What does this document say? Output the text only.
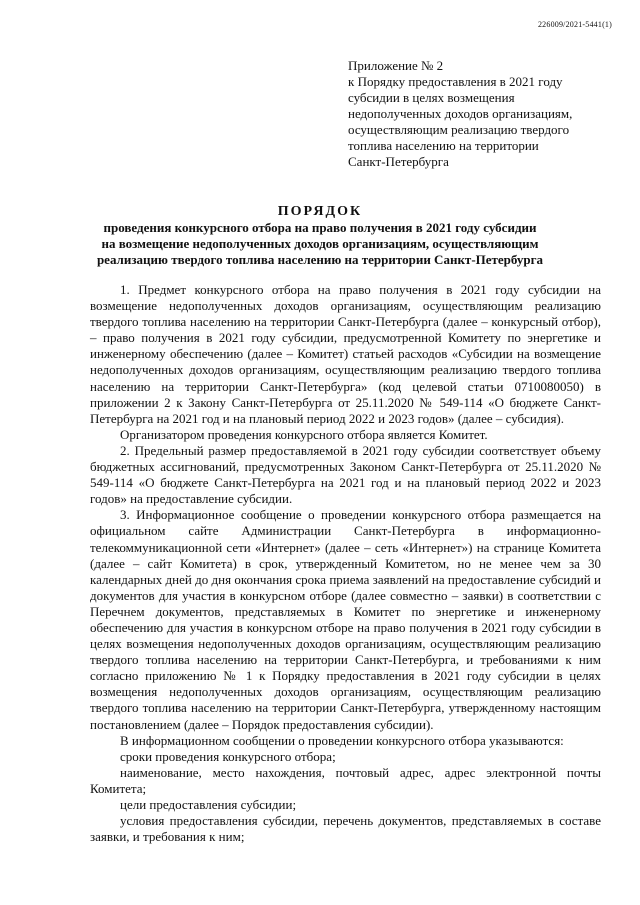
226009/2021-5441(1)
Приложение № 2
к Порядку предоставления в 2021 году
субсидии в целях возмещения
недополученных доходов организациям,
осуществляющим реализацию твердого
топлива населению на территории
Санкт-Петербурга
ПОРЯДОК
проведения конкурсного отбора на право получения в 2021 году субсидии
на возмещение недополученных доходов организациям, осуществляющим
реализацию твердого топлива населению на территории Санкт-Петербурга

1. Предмет конкурсного отбора на право получения в 2021 году субсидии на возмещение недополученных доходов организациям, осуществляющим реализацию твердого топлива населению на территории Санкт-Петербурга (далее – конкурсный отбор), – право получения в 2021 году субсидии, предусмотренной Комитету по энергетике и инженерному обеспечению (далее – Комитет) статьей расходов «Субсидии на возмещение недополученных доходов организациям, осуществляющим реализацию твердого топлива населению на территории Санкт-Петербурга» (код целевой статьи 0710080050) в приложении 2 к Закону Санкт-Петербурга от 25.11.2020 № 549-114 «О бюджете Санкт-Петербурга на 2021 год и на плановый период 2022 и 2023 годов» (далее – субсидия).

Организатором проведения конкурсного отбора является Комитет.

2. Предельный размер предоставляемой в 2021 году субсидии соответствует объему бюджетных ассигнований, предусмотренных Законом Санкт-Петербурга от 25.11.2020 № 549-114 «О бюджете Санкт-Петербурга на 2021 год и на плановый период 2022 и 2023 годов» на предоставление субсидии.

3. Информационное сообщение о проведении конкурсного отбора размещается на официальном сайте Администрации Санкт-Петербурга в информационно-телекоммуникационной сети «Интернет» (далее – сеть «Интернет») на странице Комитета (далее – сайт Комитета) в срок, утвержденный Комитетом, но не менее чем за 30 календарных дней до дня окончания срока приема заявлений на предоставление субсидий и документов для участия в конкурсном отборе (далее совместно – заявки) в соответствии с Перечнем документов, представляемых в Комитет по энергетике и инженерному обеспечению для участия в конкурсном отборе на право получения в 2021 году субсидии в целях возмещения недополученных доходов организациям, осуществляющим реализацию твердого топлива населению на территории Санкт-Петербурга, и требованиями к ним согласно приложению № 1 к Порядку предоставления в 2021 году субсидии в целях возмещения недополученных доходов организациям, осуществляющим реализацию твердого топлива населению на территории Санкт-Петербурга, утвержденному настоящим постановлением (далее – Порядок предоставления субсидии).

В информационном сообщении о проведении конкурсного отбора указываются:

сроки проведения конкурсного отбора;

наименование, место нахождения, почтовый адрес, адрес электронной почты Комитета;

цели предоставления субсидии;

условия предоставления субсидии, перечень документов, представляемых в составе заявки, и требования к ним;
